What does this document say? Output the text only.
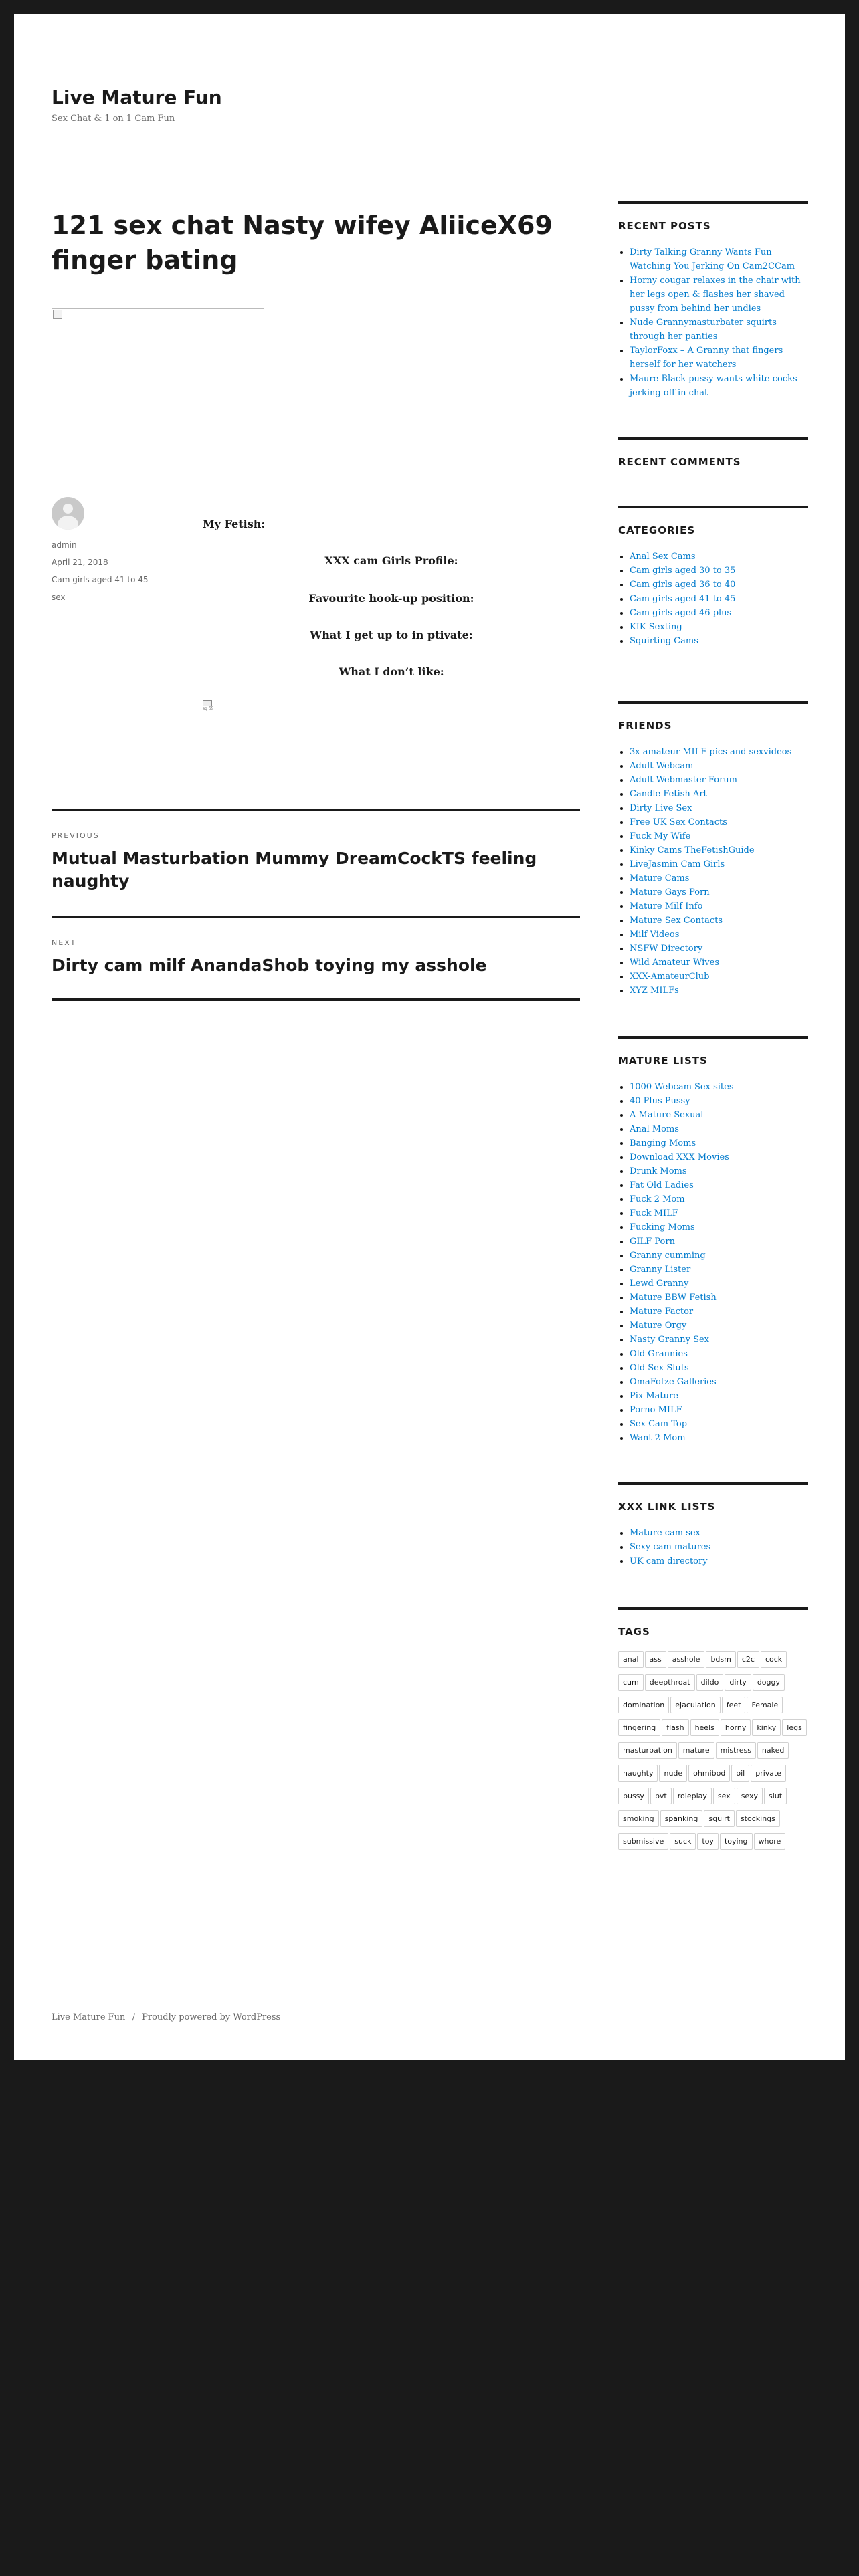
Live Mature Fun
Sex Chat & 1 on 1 Cam Fun
121 sex chat Nasty wifey AliiceX69 finger bating
admin
April 21, 2018
Cam girls aged 41 to 45
sex
My Fetish:
XXX cam Girls Profile:
Favourite hook-up position:
What I get up to in ptivate:
What I don’t like:
sq 59
PREVIOUS
Mutual Masturbation Mummy DreamCockTS feeling naughty
NEXT
Dirty cam milf AnandaShob toying my asshole
RECENT POSTS
• Dirty Talking Granny Wants Fun Watching You Jerking On Cam2CCam
• Horny cougar relaxes in the chair with her legs open & flashes her shaved pussy from behind her undies
• Nude Grannymasturbater squirts through her panties
• TaylorFoxx – A Granny that fingers herself for her watchers
• Maure Black pussy wants white cocks jerking off in chat
RECENT COMMENTS
CATEGORIES
• Anal Sex Cams
• Cam girls aged 30 to 35
• Cam girls aged 36 to 40
• Cam girls aged 41 to 45
• Cam girls aged 46 plus
• KIK Sexting
• Squirting Cams
FRIENDS
• 3x amateur MILF pics and sexvideos
• Adult Webcam
• Adult Webmaster Forum
• Candle Fetish Art
• Dirty Live Sex
• Free UK Sex Contacts
• Fuck My Wife
• Kinky Cams TheFetishGuide
• LiveJasmin Cam Girls
• Mature Cams
• Mature Gays Porn
• Mature Milf Info
• Mature Sex Contacts
• Milf Videos
• NSFW Directory
• Wild Amateur Wives
• XXX-AmateurClub
• XYZ MILFs
MATURE LISTS
• 1000 Webcam Sex sites
• 40 Plus Pussy
• A Mature Sexual
• Anal Moms
• Banging Moms
• Download XXX Movies
• Drunk Moms
• Fat Old Ladies
• Fuck 2 Mom
• Fuck MILF
• Fucking Moms
• GILF Porn
• Granny cumming
• Granny Lister
• Lewd Granny
• Mature BBW Fetish
• Mature Factor
• Mature Orgy
• Nasty Granny Sex
• Old Grannies
• Old Sex Sluts
• OmaFotze Galleries
• Pix Mature
• Porno MILF
• Sex Cam Top
• Want 2 Mom
XXX LINK LISTS
• Mature cam sex
• Sexy cam matures
• UK cam directory
TAGS
anal ass asshole bdsm c2c cockcum deepthroat dildo dirty doggydomination ejaculation feet Femalefingering flash heels horny kinky legsmasturbation mature mistress nakednaughty nude ohmibod oil privatepussy pvt roleplay sex sexy slutsmoking spanking squirt stockingssubmissive suck toy toying whore
Live Mature Fun / Proudly powered by WordPress
